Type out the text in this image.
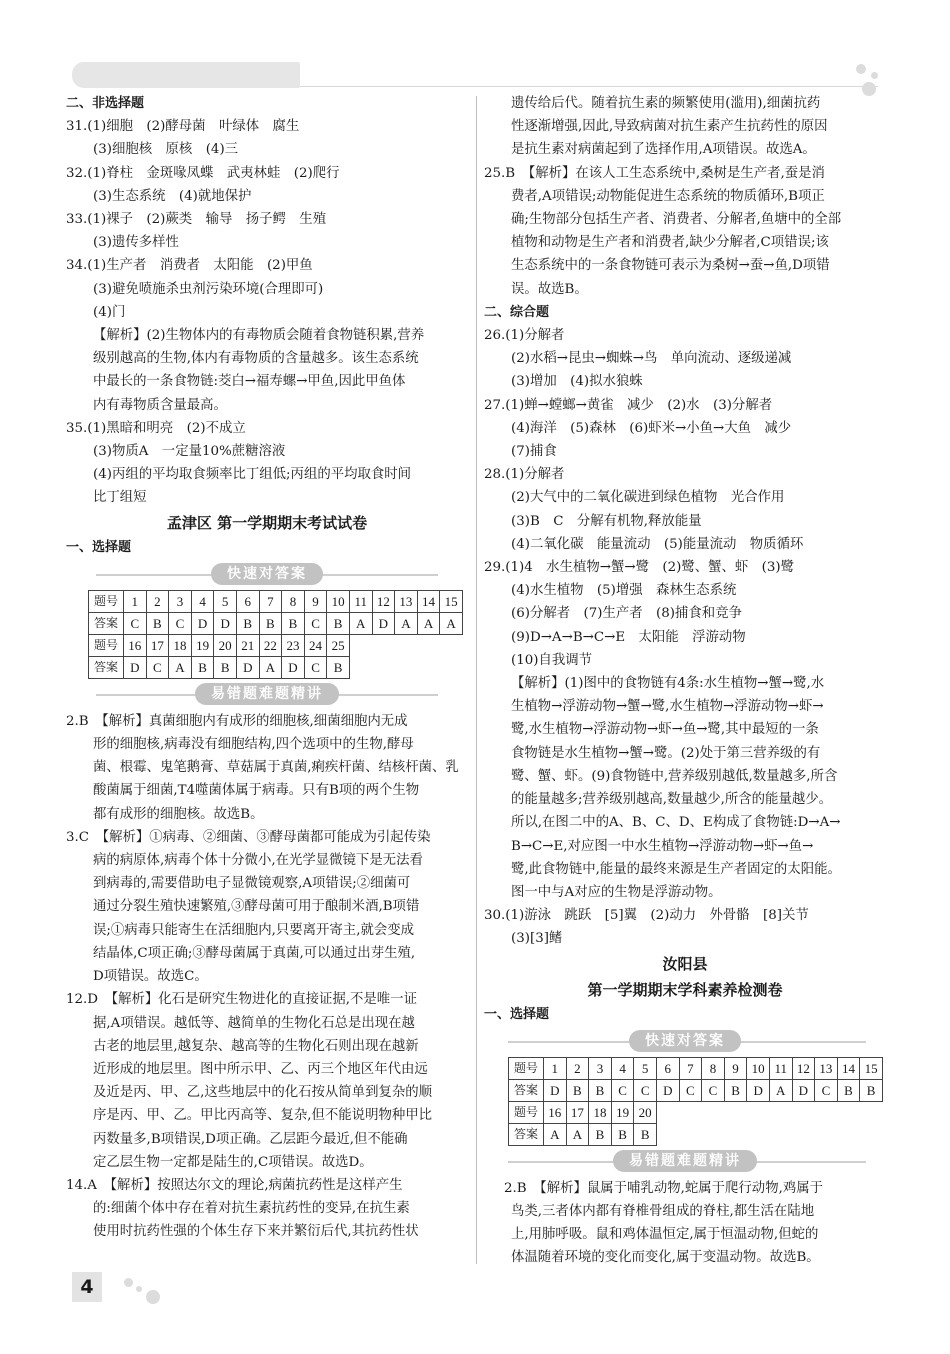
二、非选择题
31.(1)细胞　(2)酵母菌　叶绿体　腐生
(3)细胞核　原核　(4)三
32.(1)脊柱　金斑喙凤蝶　武夷林蛙　(2)爬行
(3)生态系统　(4)就地保护
33.(1)裸子　(2)蕨类　输导　扬子鳄　生殖
(3)遗传多样性
34.(1)生产者　消费者　太阳能　(2)甲鱼
(3)避免喷施杀虫剂污染环境(合理即可)
(4)门
【解析】(2)生物体内的有毒物质会随着食物链积累,营养
级别越高的生物,体内有毒物质的含量越多。该生态系统
中最长的一条食物链:茭白→福寿螺→甲鱼,因此甲鱼体
内有毒物质含量最高。
35.(1)黑暗和明亮　(2)不成立
(3)物质A　一定量10%蔗糖溶液
(4)丙组的平均取食频率比丁组低;丙组的平均取食时间
比丁组短
孟津区 第一学期期末考试试卷
一、选择题
快速对答案
题号	1	2	3	4	5	6	7	8	9	10	11	12	13	14	15
答案	C	B	C	D	D	B	B	B	C	B	A	D	A	A	A
题号	16	17	18	19	20	21	22	23	24	25					
答案	D	C	A	B	B	D	A	D	C	B					
易错题难题精讲
2.B　【解析】真菌细胞内有成形的细胞核,细菌细胞内无成
形的细胞核,病毒没有细胞结构,四个选项中的生物,酵母
菌、根霉、鬼笔鹅膏、草菇属于真菌,痢疾杆菌、结核杆菌、乳
酸菌属于细菌,T4噬菌体属于病毒。只有B项的两个生物
都有成形的细胞核。故选B。
3.C　【解析】①病毒、②细菌、③酵母菌都可能成为引起传染
病的病原体,病毒个体十分微小,在光学显微镜下是无法看
到病毒的,需要借助电子显微镜观察,A项错误;②细菌可
通过分裂生殖快速繁殖,③酵母菌可用于酿制米酒,B项错
误;①病毒只能寄生在活细胞内,只要离开寄主,就会变成
结晶体,C项正确;③酵母菌属于真菌,可以通过出芽生殖,
D项错误。故选C。
12.D　【解析】化石是研究生物进化的直接证据,不是唯一证
据,A项错误。越低等、越简单的生物化石总是出现在越
古老的地层里,越复杂、越高等的生物化石则出现在越新
近形成的地层里。图中所示甲、乙、丙三个地区年代由远
及近是丙、甲、乙,这些地层中的化石按从简单到复杂的顺
序是丙、甲、乙。甲比丙高等、复杂,但不能说明物种甲比
丙数量多,B项错误,D项正确。乙层距今最近,但不能确
定乙层生物一定都是陆生的,C项错误。故选D。
14.A　【解析】按照达尔文的理论,病菌抗药性是这样产生
的:细菌个体中存在着对抗生素抗药性的变异,在抗生素
使用时抗药性强的个体生存下来并繁衍后代,其抗药性状
遗传给后代。随着抗生素的频繁使用(滥用),细菌抗药
性逐渐增强,因此,导致病菌对抗生素产生抗药性的原因
是抗生素对病菌起到了选择作用,A项错误。故选A。
25.B　【解析】在该人工生态系统中,桑树是生产者,蚕是消
费者,A项错误;动物能促进生态系统的物质循环,B项正
确;生物部分包括生产者、消费者、分解者,鱼塘中的全部
植物和动物是生产者和消费者,缺少分解者,C项错误;该
生态系统中的一条食物链可表示为桑树→蚕→鱼,D项错
误。故选B。
二、综合题
26.(1)分解者
(2)水稻→昆虫→蜘蛛→鸟　单向流动、逐级递减
(3)增加　(4)拟水狼蛛
27.(1)蝉→螳螂→黄雀　减少　(2)水　(3)分解者
(4)海洋　(5)森林　(6)虾米→小鱼→大鱼　减少
(7)捕食
28.(1)分解者
(2)大气中的二氧化碳进到绿色植物　光合作用
(3)B　C　分解有机物,释放能量
(4)二氧化碳　能量流动　(5)能量流动　物质循环
29.(1)4　水生植物→蟹→鹭　(2)鹭、蟹、虾　(3)鹭
(4)水生植物　(5)增强　森林生态系统
(6)分解者　(7)生产者　(8)捕食和竞争
(9)D→A→B→C→E　太阳能　浮游动物
(10)自我调节
【解析】(1)图中的食物链有4条:水生植物→蟹→鹭,水
生植物→浮游动物→蟹→鹭,水生植物→浮游动物→虾→
鹭,水生植物→浮游动物→虾→鱼→鹭,其中最短的一条
食物链是水生植物→蟹→鹭。(2)处于第三营养级的有
鹭、蟹、虾。(9)食物链中,营养级别越低,数量越多,所含
的能量越多;营养级别越高,数量越少,所含的能量越少。
所以,在图二中的A、B、C、D、E构成了食物链:D→A→
B→C→E,对应图一中水生植物→浮游动物→虾→鱼→
鹭,此食物链中,能量的最终来源是生产者固定的太阳能。
图一中与A对应的生物是浮游动物。
30.(1)游泳　跳跃　[5]翼　(2)动力　外骨骼　[8]关节
(3)[3]鳍
汝阳县
第一学期期末学科素养检测卷
一、选择题
快速对答案
题号	1	2	3	4	5	6	7	8	9	10	11	12	13	14	15
答案	D	B	B	C	C	D	C	C	B	D	A	D	C	B	B
题号	16	17	18	19	20										
答案	A	A	B	B	B										
易错题难题精讲
2.B　【解析】鼠属于哺乳动物,蛇属于爬行动物,鸡属于
鸟类,三者体内都有脊椎骨组成的脊柱,都生活在陆地
上,用肺呼吸。鼠和鸡体温恒定,属于恒温动物,但蛇的
体温随着环境的变化而变化,属于变温动物。故选B。
4
